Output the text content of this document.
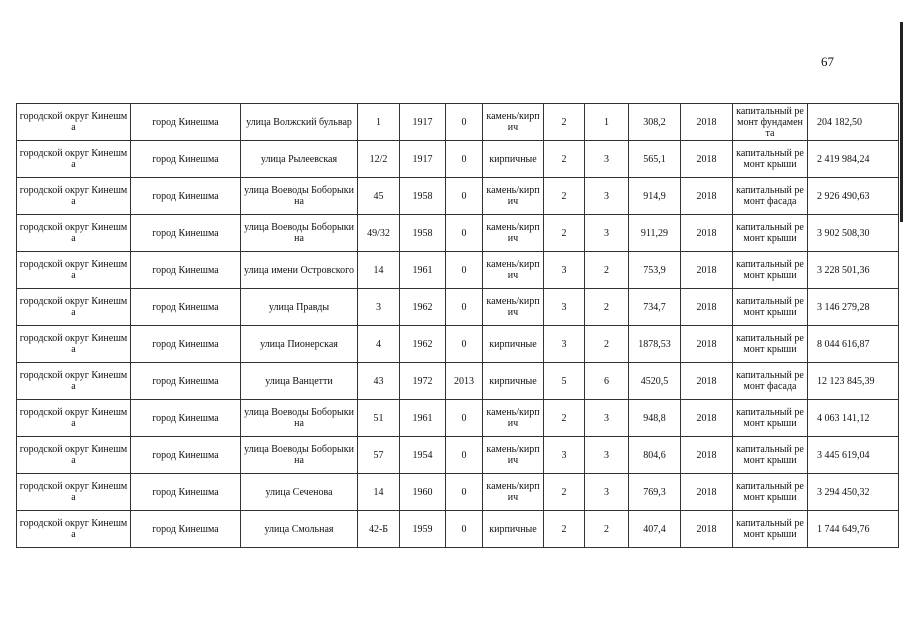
67
городской округ Кинешма	город Кинешма	улица Волжский бульвар	1	1917	0	камень/кирпич	2	1	308,2	2018	капитальный ремонт фундамента	204 182,50
городской округ Кинешма	город Кинешма	улица Рылеевская	12/2	1917	0	кирпичные	2	3	565,1	2018	капитальный ремонт крыши	2 419 984,24
городской округ Кинешма	город Кинешма	улица Воеводы Боборыкина	45	1958	0	камень/кирпич	2	3	914,9	2018	капитальный ремонт фасада	2 926 490,63
городской округ Кинешма	город Кинешма	улица Воеводы Боборыкина	49/32	1958	0	камень/кирпич	2	3	911,29	2018	капитальный ремонт крыши	3 902 508,30
городской округ Кинешма	город Кинешма	улица имени Островского	14	1961	0	камень/кирпич	3	2	753,9	2018	капитальный ремонт крыши	3 228 501,36
городской округ Кинешма	город Кинешма	улица Правды	3	1962	0	камень/кирпич	3	2	734,7	2018	капитальный ремонт крыши	3 146 279,28
городской округ Кинешма	город Кинешма	улица Пионерская	4	1962	0	кирпичные	3	2	1878,53	2018	капитальный ремонт крыши	8 044 616,87
городской округ Кинешма	город Кинешма	улица Ванцетти	43	1972	2013	кирпичные	5	6	4520,5	2018	капитальный ремонт фасада	12 123 845,39
городской округ Кинешма	город Кинешма	улица Воеводы Боборыкина	51	1961	0	камень/кирпич	2	3	948,8	2018	капитальный ремонт крыши	4 063 141,12
городской округ Кинешма	город Кинешма	улица Воеводы Боборыкина	57	1954	0	камень/кирпич	3	3	804,6	2018	капитальный ремонт крыши	3 445 619,04
городской округ Кинешма	город Кинешма	улица Сеченова	14	1960	0	камень/кирпич	2	3	769,3	2018	капитальный ремонт крыши	3 294 450,32
городской округ Кинешма	город Кинешма	улица Смольная	42-Б	1959	0	кирпичные	2	2	407,4	2018	капитальный ремонт крыши	1 744 649,76
